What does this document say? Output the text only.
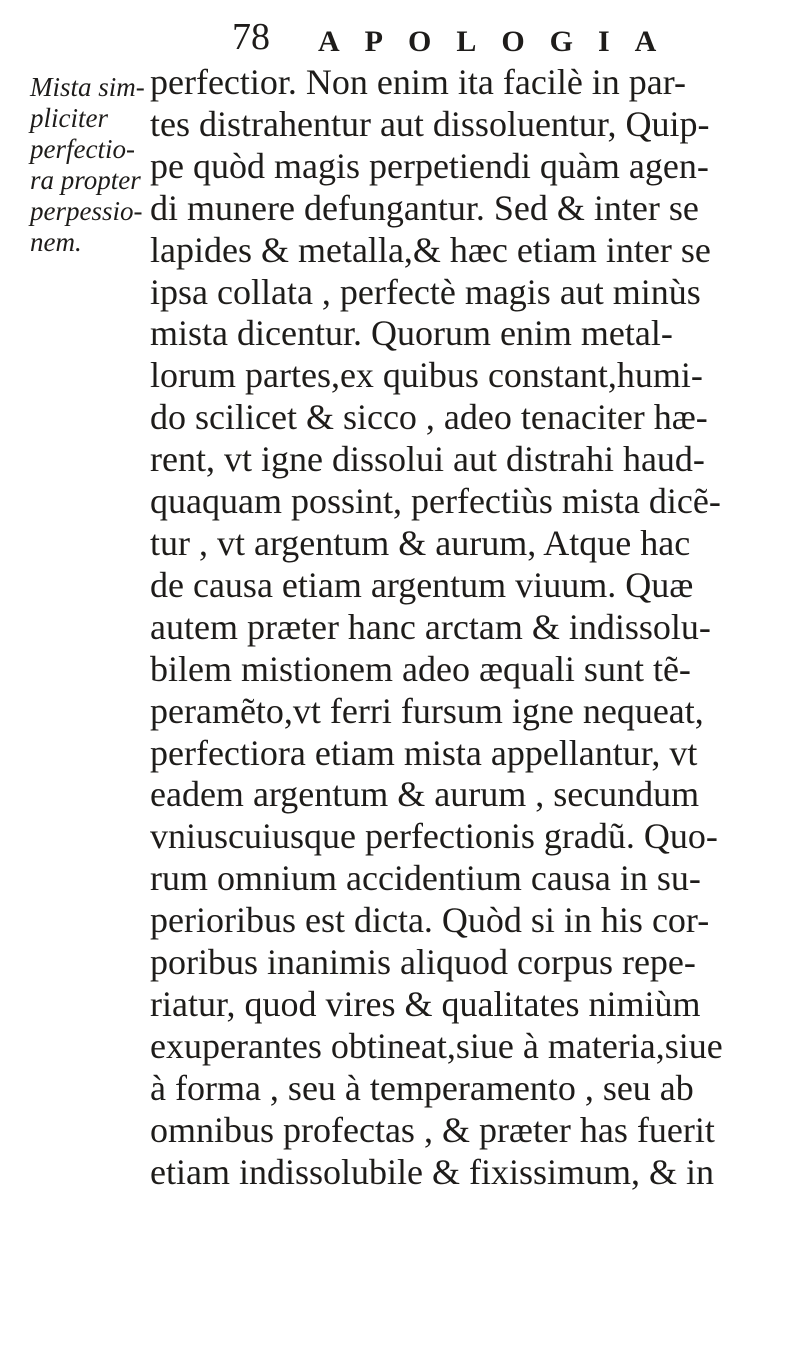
78 APOLOGIA
Mista sim-
pliciter
perfectio-
ra propter
perpessio-
nem.
perfectior. Non enim ita facilè in par-
tes distrahentur aut dissoluentur, Quip-
pe quòd magis perpetiendi quàm agen-
di munere defungantur. Sed & inter se
lapides & metalla,& hæc etiam inter se
ipsa collata , perfectè magis aut minùs
mista dicentur. Quorum enim metal-
lorum partes,ex quibus constant,humi-
do scilicet & sicco , adeo tenaciter hæ-
rent, vt igne dissolui aut distrahi haud-
quaquam possint, perfectiùs mista dicẽ-
tur , vt argentum & aurum, Atque hac
de causa etiam argentum viuum. Quæ
autem præter hanc arctam & indissolu-
bilem mistionem adeo æquali sunt tẽ-
peramẽto,vt ferri fursum igne nequeat,
perfectiora etiam mista appellantur, vt
eadem argentum & aurum , secundum
vniuscuiusque perfectionis gradũ. Quo-
rum omnium accidentium causa in su-
perioribus est dicta. Quòd si in his cor-
poribus inanimis aliquod corpus repe-
riatur, quod vires & qualitates nimiùm
exuperantes obtineat,siue à materia,siue
à forma , seu à temperamento , seu ab
omnibus profectas , & præter has fuerit
etiam indissolubile & fixissimum, & in
